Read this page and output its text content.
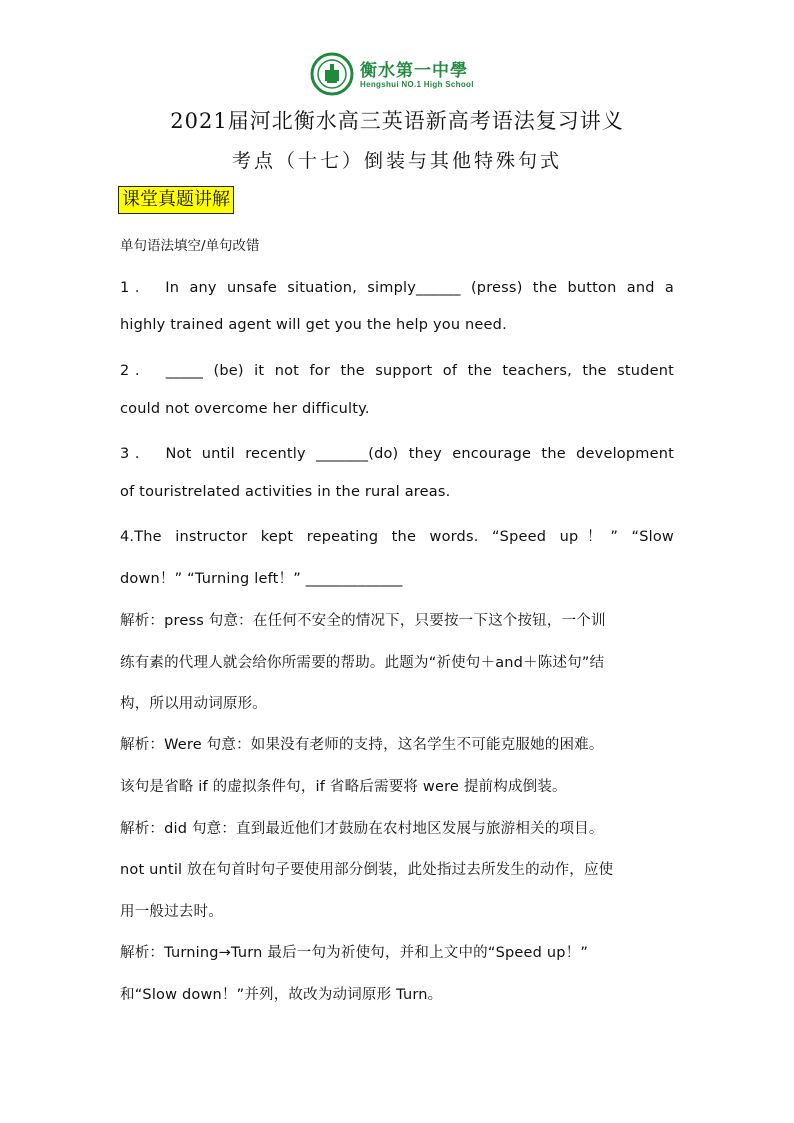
衡水第一中學
Hengshui NO.1 High School
2021届河北衡水高三英语新高考语法复习讲义
考点（十七）倒装与其他特殊句式
课堂真题讲解
单句语法填空/单句改错
1． In any unsafe situation, simply______ (press) the button and a
highly trained agent will get you the help you need.
2． _____ (be) it not for the support of the teachers, the student
could not overcome her difficulty.
3． Not until recently _______(do) they encourage the development
of touristrelated activities in the rural areas.
4.The instructor kept repeating the words. “Speed up！” “Slow
down！” “Turning left！” _____________
解析：press 句意：在任何不安全的情况下，只要按一下这个按钮，一个训
练有素的代理人就会给你所需要的帮助。此题为“祈使句＋and＋陈述句”结
构，所以用动词原形。
解析：Were 句意：如果没有老师的支持，这名学生不可能克服她的困难。
该句是省略 if 的虚拟条件句，if 省略后需要将 were 提前构成倒装。
解析：did 句意：直到最近他们才鼓励在农村地区发展与旅游相关的项目。
not until 放在句首时句子要使用部分倒装，此处指过去所发生的动作，应使
用一般过去时。
解析：Turning→Turn 最后一句为祈使句，并和上文中的“Speed up！”
和“Slow down！”并列，故改为动词原形 Turn。
